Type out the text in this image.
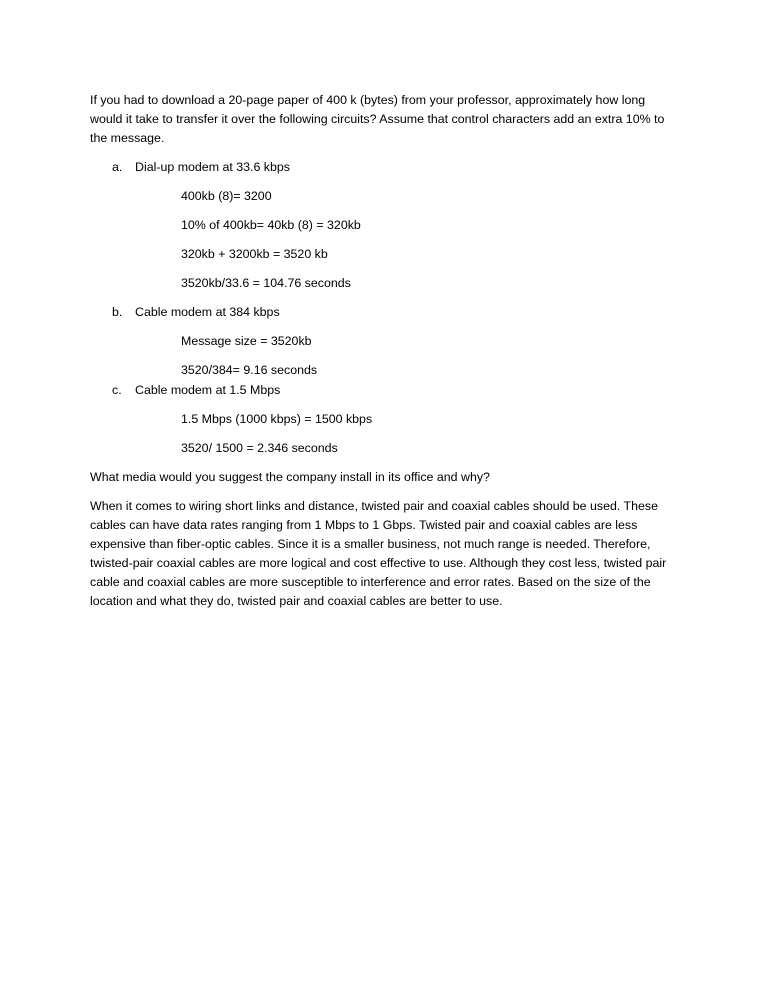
If you had to download a 20-page paper of 400 k (bytes) from your professor, approximately how long would it take to transfer it over the following circuits? Assume that control characters add an extra 10% to the message.

a. Dial-up modem at 33.6 kbps
400kb (8)= 3200
10% of 400kb= 40kb (8) = 320kb
320kb + 3200kb = 3520 kb
3520kb/33.6 = 104.76 seconds
b. Cable modem at 384 kbps
Message size = 3520kb
3520/384= 9.16 seconds
c. Cable modem at 1.5 Mbps
1.5 Mbps (1000 kbps) = 1500 kbps
3520/ 1500 = 2.346 seconds

What media would you suggest the company install in its office and why?

When it comes to wiring short links and distance, twisted pair and coaxial cables should be used. These cables can have data rates ranging from 1 Mbps to 1 Gbps. Twisted pair and coaxial cables are less expensive than fiber-optic cables. Since it is a smaller business, not much range is needed. Therefore, twisted-pair coaxial cables are more logical and cost effective to use. Although they cost less, twisted pair cable and coaxial cables are more susceptible to interference and error rates. Based on the size of the location and what they do, twisted pair and coaxial cables are better to use.
